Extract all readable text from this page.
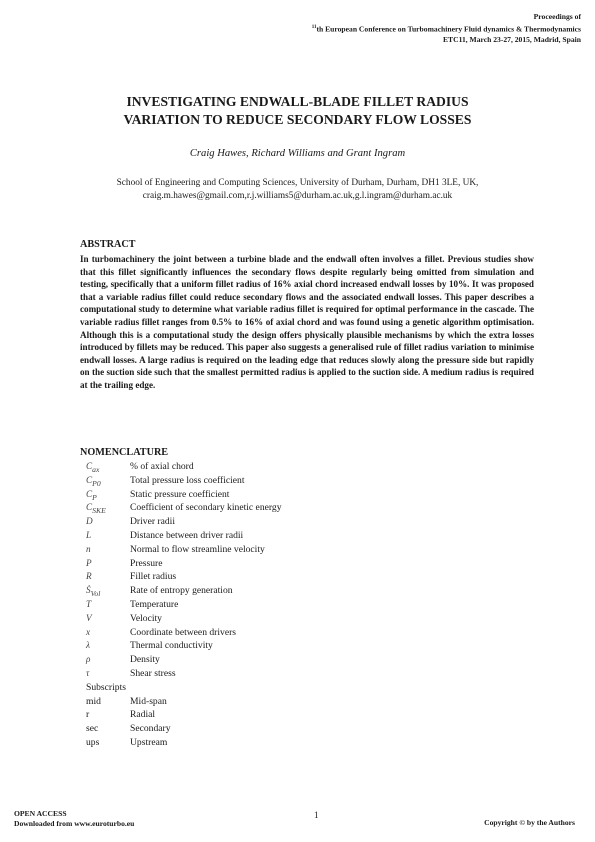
Proceedings of
$^{11}$th European Conference on Turbomachinery Fluid dynamics & Thermodynamics
ETC11, March 23-27, 2015, Madrid, Spain
INVESTIGATING ENDWALL-BLADE FILLET RADIUS
VARIATION TO REDUCE SECONDARY FLOW LOSSES
Craig Hawes, Richard Williams and Grant Ingram
School of Engineering and Computing Sciences, University of Durham, Durham, DH1 3LE, UK,
craig.m.hawes@gmail.com,r.j.williams5@durham.ac.uk,g.l.ingram@durham.ac.uk
ABSTRACT

In turbomachinery the joint between a turbine blade and the endwall often involves a fillet. Previous studies show that this fillet significantly influences the secondary flows despite regularly being omitted from simulation and testing, specifically that a uniform fillet radius of 16% axial chord increased endwall losses by 10%. It was proposed that a variable radius fillet could reduce secondary flows and the associated endwall losses. This paper describes a computational study to determine what variable radius fillet is required for optimal performance in the cascade. The variable radius fillet ranges from 0.5% to 16% of axial chord and was found using a genetic algorithm optimisation. Although this is a computational study the design offers physically plausible mechanisms by which the extra losses introduced by fillets may be reduced. This paper also suggests a generalised rule of fillet radius variation to minimise endwall losses. A large radius is required on the leading edge that reduces slowly along the pressure side but rapidly on the suction side such that the smallest permitted radius is applied to the suction side. A medium radius is required at the trailing edge.

NOMENCLATURE
$C_{ax}$	% of axial chord
$C_{P0}$	Total pressure loss coefficient
$C_P$	Static pressure coefficient
$C_{SKE}$	Coefficient of secondary kinetic energy
D	Driver radii
L	Distance between driver radii
n	Normal to flow streamline velocity
P	Pressure
R	Fillet radius
Ṡ$_{Vol}$	Rate of entropy generation
T	Temperature
V	Velocity
x	Coordinate between drivers
λ	Thermal conductivity
ρ	Density
τ	Shear stress
Subscripts
mid	Mid-span
r	Radial
sec	Secondary
ups	Upstream
OPEN ACCESS
Downloaded from www.euroturbo.eu
1
Copyright © by the Authors
